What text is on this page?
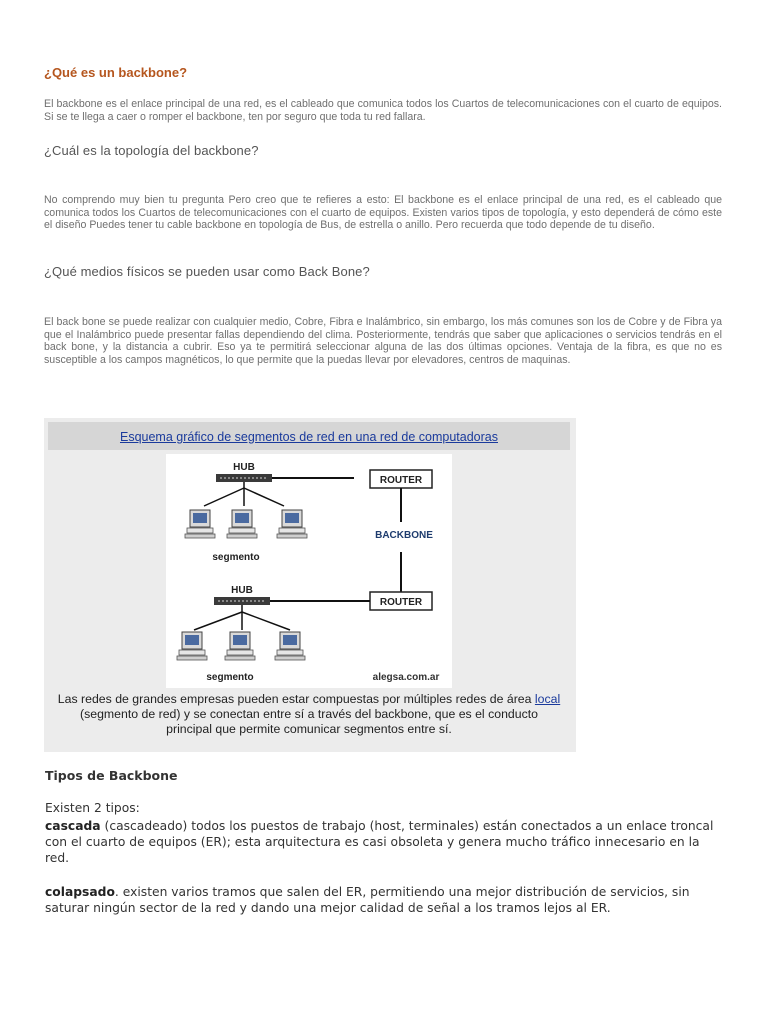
¿Qué es un backbone?

El backbone es el enlace principal de una red, es el cableado que comunica todos los Cuartos de telecomunicaciones con el cuarto de equipos. Si se te llega a caer o romper el backbone, ten por seguro que toda tu red fallara.

¿Cuál es la topología del backbone?

No comprendo muy bien tu pregunta Pero creo que te refieres a esto: El backbone es el enlace principal de una red, es el cableado que comunica todos los Cuartos de telecomunicaciones con el cuarto de equipos. Existen varios tipos de topología, y esto dependerá de cómo este el diseño Puedes tener tu cable backbone en topología de Bus, de estrella o anillo. Pero recuerda que todo depende de tu diseño.

¿Qué medios físicos se pueden usar como Back Bone?

El back bone se puede realizar con cualquier medio, Cobre, Fibra e Inalámbrico, sin embargo, los más comunes son los de Cobre y de Fibra ya que el Inalámbrico puede presentar fallas dependiendo del clima. Posteriormente, tendrás que saber que aplicaciones o servicios tendrás en el back bone, y la distancia a cubrir. Eso ya te permitirá seleccionar alguna de las dos últimas opciones. Ventaja de la fibra, es que no es susceptible a los campos magnéticos, lo que permite que la puedas llevar por elevadores, centros de maquinas.

Esquema gráfico de segmentos de red en una red de computadoras
HUB
segmento
ROUTER
BACKBONE
ROUTER
HUB
segmento	alegsa.com.ar

Las redes de grandes empresas pueden estar compuestas por múltiples redes de área local (segmento de red) y se conectan entre sí a través del backbone, que es el conducto principal que permite comunicar segmentos entre sí.

Tipos de Backbone

Existen 2 tipos:

cascada (cascadeado) todos los puestos de trabajo (host, terminales) están conectados a un enlace troncal con el cuarto de equipos (ER); esta arquitectura es casi obsoleta y genera mucho tráfico innecesario en la red.

colapsado. existen varios tramos que salen del ER, permitiendo una mejor distribución de servicios, sin saturar ningún sector de la red y dando una mejor calidad de señal a los tramos lejos al ER.
